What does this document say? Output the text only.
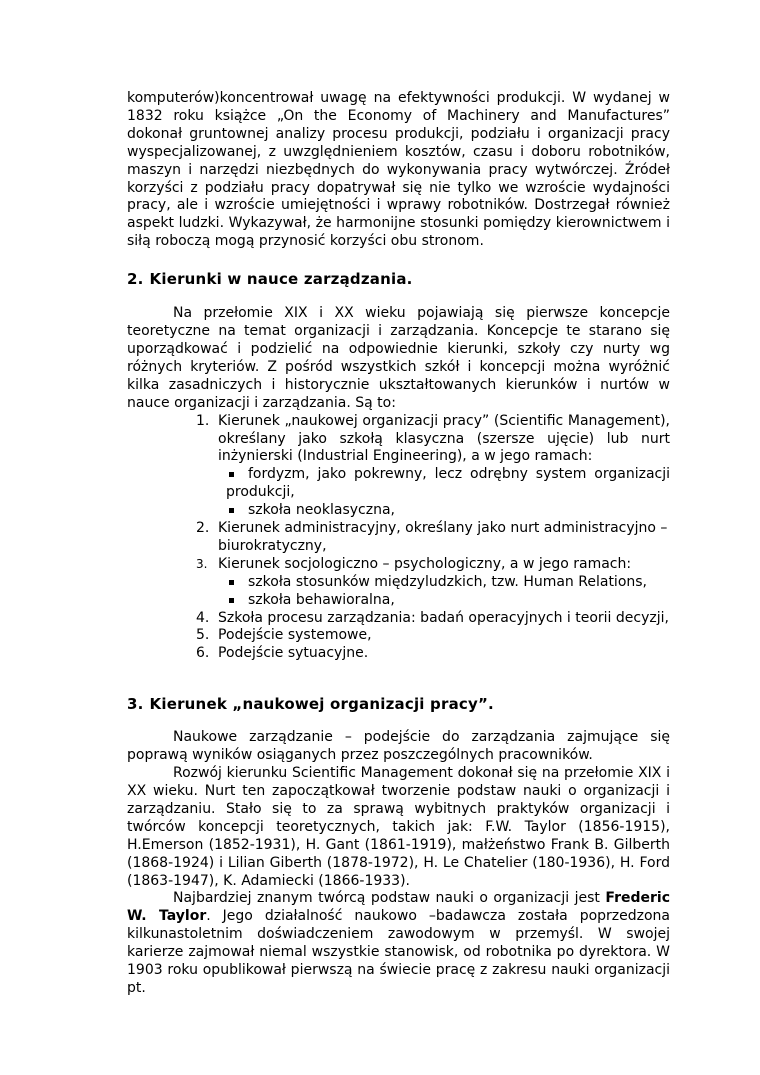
komputerów)koncentrował uwagę na efektywności produkcji. W wydanej w 1832 roku książce „On the Economy of Machinery and Manufactures” dokonał gruntownej analizy procesu produkcji, podziału i organizacji pracy wyspecjalizowanej, z uwzględnieniem kosztów, czasu i doboru robotników, maszyn i narzędzi niezbędnych do wykonywania pracy wytwórczej. Źródeł korzyści z podziału pracy dopatrywał się nie tylko we wzroście wydajności pracy, ale i wzroście umiejętności i wprawy robotników. Dostrzegał również aspekt ludzki. Wykazywał, że harmonijne stosunki pomiędzy kierownictwem i siłą roboczą mogą przynosić korzyści obu stronom.

2. Kierunki w nauce zarządzania.

Na przełomie XIX i XX wieku pojawiają się pierwsze koncepcje teoretyczne na temat organizacji i zarządzania. Koncepcje te starano się uporządkować i podzielić na odpowiednie kierunki, szkoły czy nurty wg różnych kryteriów. Z pośród wszystkich szkół i koncepcji można wyróżnić kilka zasadniczych i historycznie ukształtowanych kierunków i nurtów w nauce organizacji i zarządzania. Są to:

1. Kierunek „naukowej organizacji pracy” (Scientific Management), określany jako szkołą klasyczna (szersze ujęcie) lub nurt inżynierski (Industrial Engineering), a w jego ramach:
fordyzm, jako pokrewny, lecz odrębny system organizacji produkcji,
szkoła neoklasyczna,
2. Kierunek administracyjny, określany jako nurt administracyjno – biurokratyczny,
3. Kierunek socjologiczno – psychologiczny, a w jego ramach:
szkoła stosunków międzyludzkich, tzw. Human Relations,
szkoła behawioralna,
4. Szkoła procesu zarządzania: badań operacyjnych i teorii decyzji,
5. Podejście systemowe,
6. Podejście sytuacyjne.
3. Kierunek „naukowej organizacji pracy”.

Naukowe zarządzanie – podejście do zarządzania zajmujące się poprawą wyników osiąganych przez poszczególnych pracowników.

Rozwój kierunku Scientific Management dokonał się na przełomie XIX i XX wieku. Nurt ten zapoczątkował tworzenie podstaw nauki o organizacji i zarządzaniu. Stało się to za sprawą wybitnych praktyków organizacji i twórców koncepcji teoretycznych, takich jak: F.W. Taylor (1856-1915), H.Emerson (1852-1931), H. Gant (1861-1919), małżeństwo Frank B. Gilberth (1868-1924) i Lilian Giberth (1878-1972), H. Le Chatelier (180-1936), H. Ford (1863-1947), K. Adamiecki (1866-1933).

Najbardziej znanym twórcą podstaw nauki o organizacji jest Frederic W. Taylor. Jego działalność naukowo –badawcza została poprzedzona kilkunastoletnim doświadczeniem zawodowym w przemyśl. W swojej karierze zajmował niemal wszystkie stanowisk, od robotnika po dyrektora. W 1903 roku opublikował pierwszą na świecie pracę z zakresu nauki organizacji pt.
